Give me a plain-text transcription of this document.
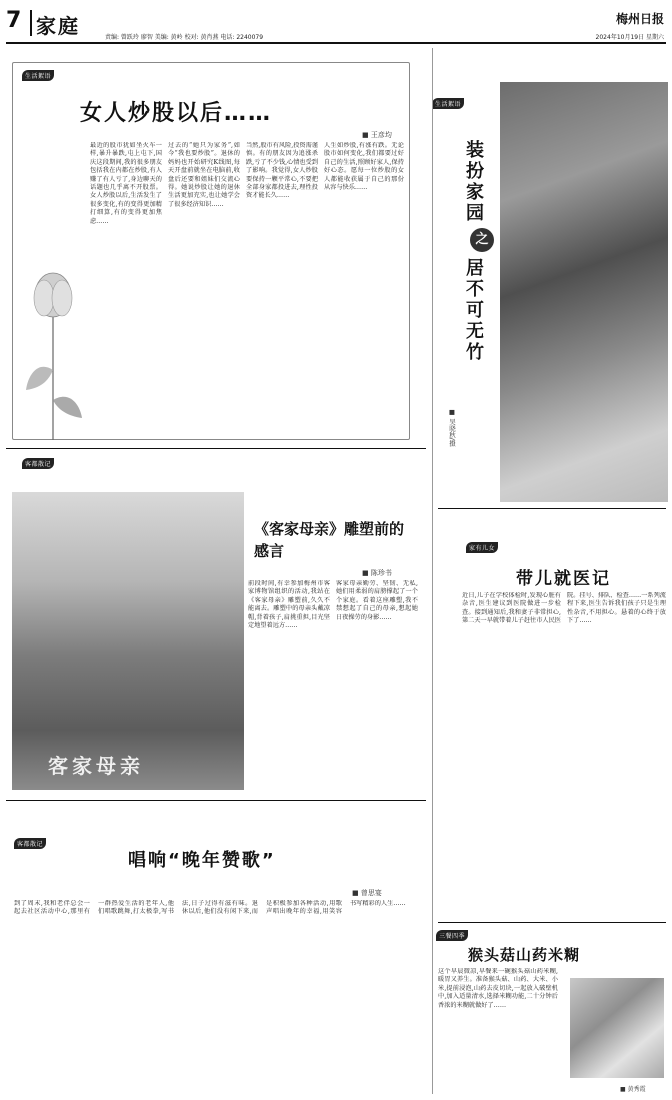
7 家庭	责编: 曾跃玲 廖智 美编: 黄岭 校对: 黄肖燕 电话: 2240079
梅州日报
2024年10月19日 星期六
生活絮语
女人炒股以后……
■ 王彦均
最近的股市犹如坐火车一样,暴升暴跌,屯上屯下,国庆这段期间,我的很多朋友包括我在内都在炒股,有人赚了有人亏了,身边聊天的话题也几乎离不开股票。女人炒股以后,生活发生了很多变化,有的变得更加精打细算,有的变得更加焦虑……
过去的“她只为家务”,如今“我也要炒股”。退休的妈妈也开始研究K线图,每天开盘前就坐在电脑前,收盘后还要和姐妹们交流心得。她说炒股让她的退休生活更加充实,也让她学会了很多经济知识……
当然,股市有风险,投资需谨慎。有的朋友因为追涨杀跌,亏了不少钱,心情也受到了影响。我觉得,女人炒股要保持一颗平常心,不要把全部身家都投进去,理性投资才能长久……
人生如炒股,有涨有跌。无论股市如何变化,我们都要过好自己的生活,照顾好家人,保持好心态。愿每一位炒股的女人都能收获属于自己的那份从容与快乐……
生活絮语
装扮家园
之
居不可无竹
■ 吴晓秋/摄
客都散记
客家母亲
《客家母亲》雕塑前的感言
■ 陈珍书
前段时间,有幸参加梅州市客家博物馆组织的活动,我站在《客家母亲》雕塑前,久久不能离去。雕塑中的母亲头戴凉帽,背着孩子,肩挑重担,目光坚定地望着远方……
客家母亲勤劳、坚韧、无私,她们用柔弱的肩膀撑起了一个个家庭。看着这座雕塑,我不禁想起了自己的母亲,想起她日夜操劳的身影……
家有儿女
带儿就医记
近日,儿子在学校体检时,发现心脏有杂音,医生建议到医院做进一步检查。接到通知后,我和妻子非常担心,第二天一早就带着儿子赶往市人民医院。挂号、排队、检查……一系列流程下来,医生告诉我们孩子只是生理性杂音,不用担心。悬着的心终于放下了……
客都散记
唱响“晚年赞歌”
■ 曾思宴
到了周末,我和老伴总会一起去社区活动中心,那里有一群热爱生活的老年人,他们唱歌跳舞,打太极拳,写书法,日子过得有滋有味。退休以后,他们没有闲下来,而是积极参加各种活动,用歌声唱出晚年的幸福,用笑容书写精彩的人生……
三餐四季
猴头菇山药米糊
这个早晨微凉,早餐来一碗猴头菇山药米糊,暖胃又养生。准备猴头菇、山药、大米、小米,提前浸泡,山药去皮切块,一起放入破壁机中,加入适量清水,选择米糊功能,二十分钟后香浓的米糊就做好了……
■ 黄秀霞
